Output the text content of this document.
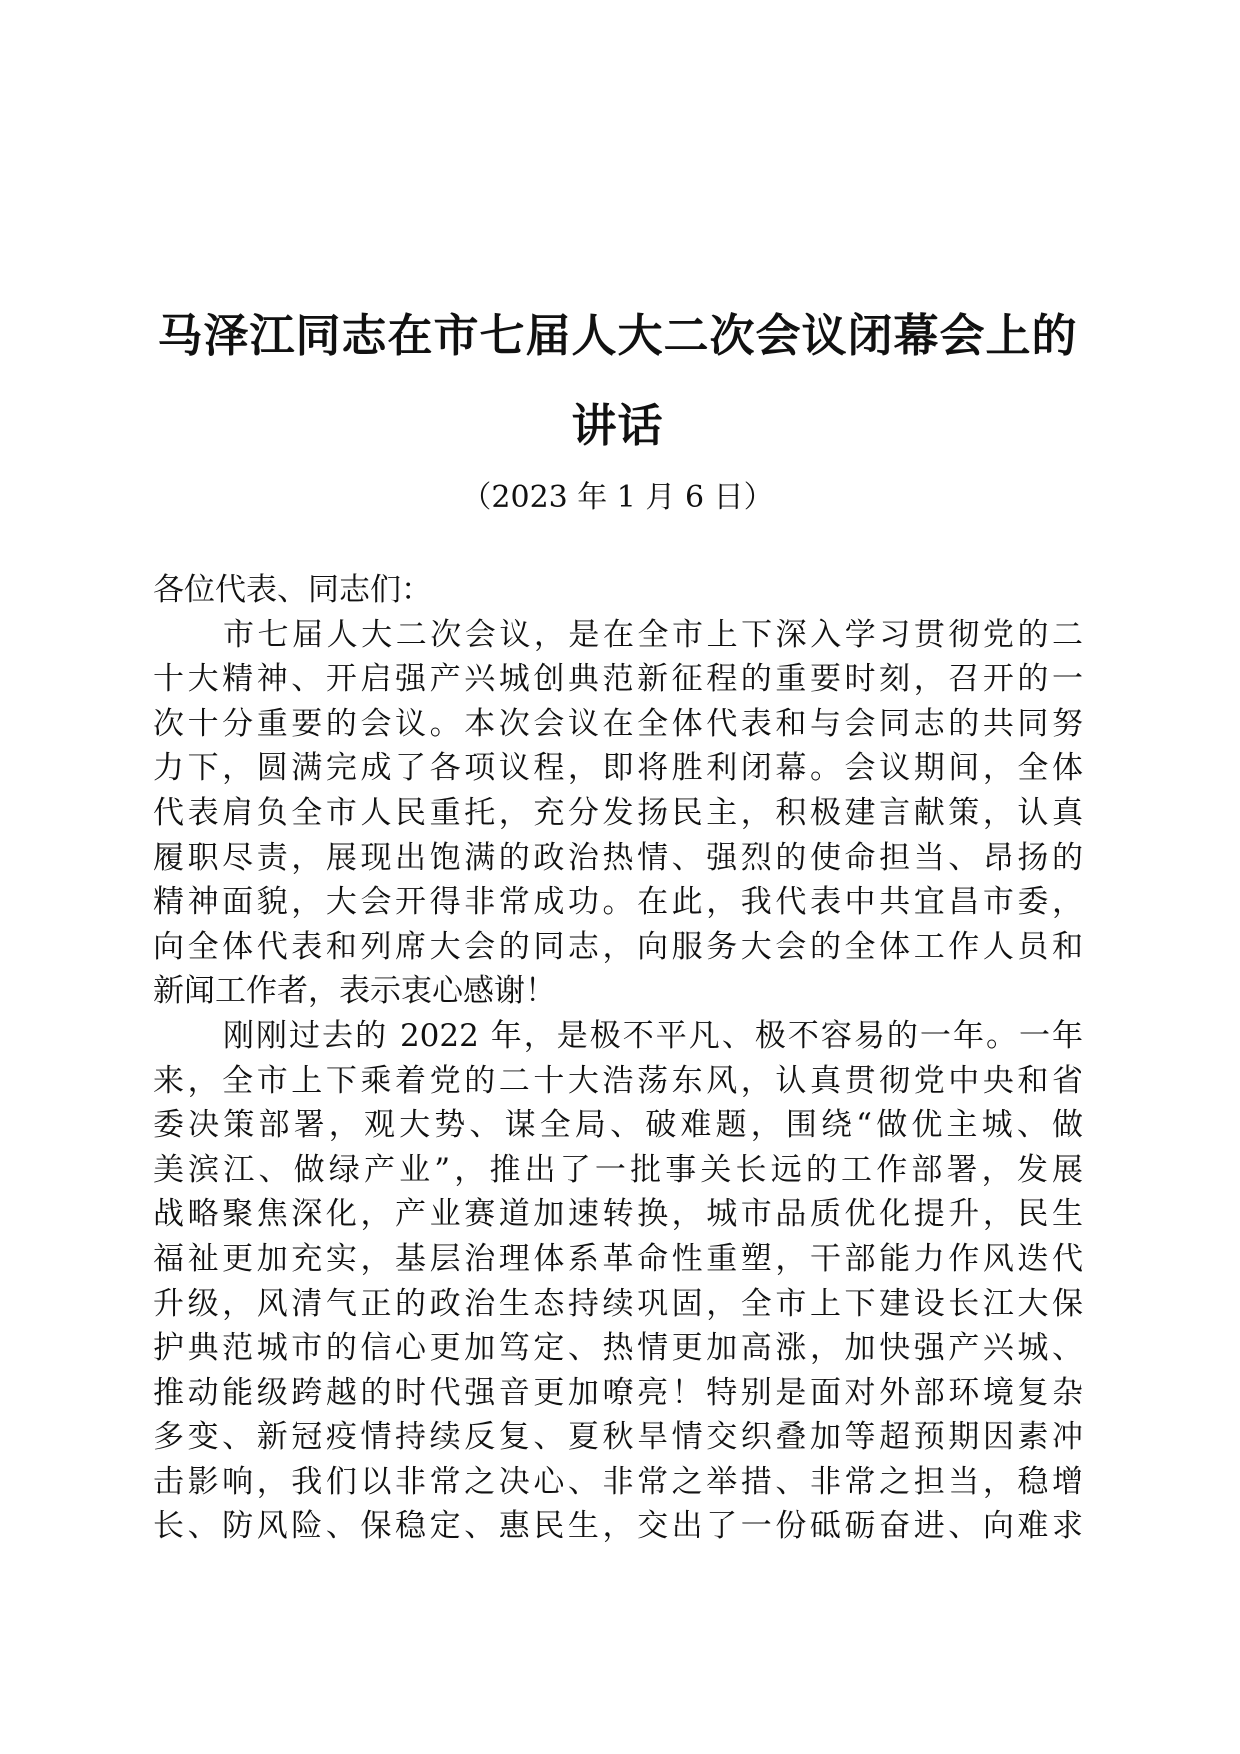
马泽江同志在市七届人大二次会议闭幕会上的
讲话
（2023 年 1 月 6 日）
各位代表、同志们：
市七届人大二次会议，是在全市上下深入学习贯彻党的二
十大精神、开启强产兴城创典范新征程的重要时刻，召开的一
次十分重要的会议。本次会议在全体代表和与会同志的共同努
力下，圆满完成了各项议程，即将胜利闭幕。会议期间，全体
代表肩负全市人民重托，充分发扬民主，积极建言献策，认真
履职尽责，展现出饱满的政治热情、强烈的使命担当、昂扬的
精神面貌，大会开得非常成功。在此，我代表中共宜昌市委，
向全体代表和列席大会的同志，向服务大会的全体工作人员和
新闻工作者，表示衷心感谢！
刚刚过去的 2022 年，是极不平凡、极不容易的一年。一年
来，全市上下乘着党的二十大浩荡东风，认真贯彻党中央和省
委决策部署，观大势、谋全局、破难题，围绕“做优主城、做
美滨江、做绿产业”，推出了一批事关长远的工作部署，发展
战略聚焦深化，产业赛道加速转换，城市品质优化提升，民生
福祉更加充实，基层治理体系革命性重塑，干部能力作风迭代
升级，风清气正的政治生态持续巩固，全市上下建设长江大保
护典范城市的信心更加笃定、热情更加高涨，加快强产兴城、
推动能级跨越的时代强音更加嘹亮！特别是面对外部环境复杂
多变、新冠疫情持续反复、夏秋旱情交织叠加等超预期因素冲
击影响，我们以非常之决心、非常之举措、非常之担当，稳增
长、防风险、保稳定、惠民生，交出了一份砥砺奋进、向难求
